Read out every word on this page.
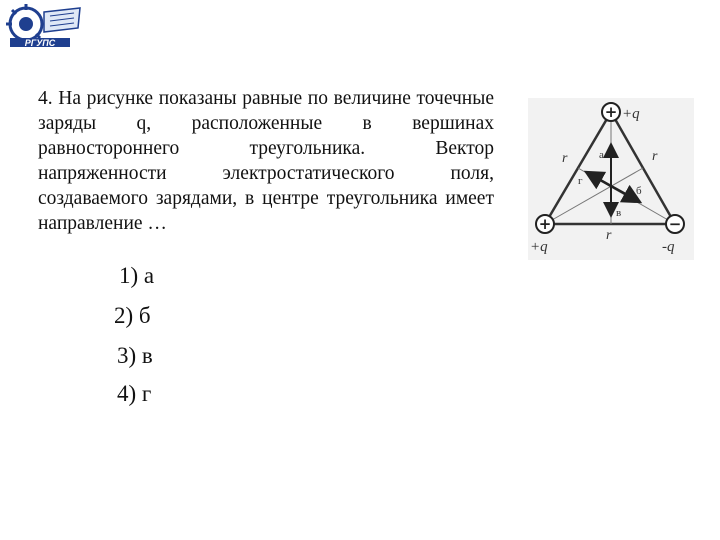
РГУПС

4. На рисунке показаны равные по величине точечные заряды q, расположенные в вершинах равностороннего треугольника. Вектор напряженности электростатического поля, создаваемого зарядами, в центре треугольника имеет направление …

1) а
2) б
3) в
4) г
а
б
в
г
r	r
r
+ +q
+
+q
−
-q
